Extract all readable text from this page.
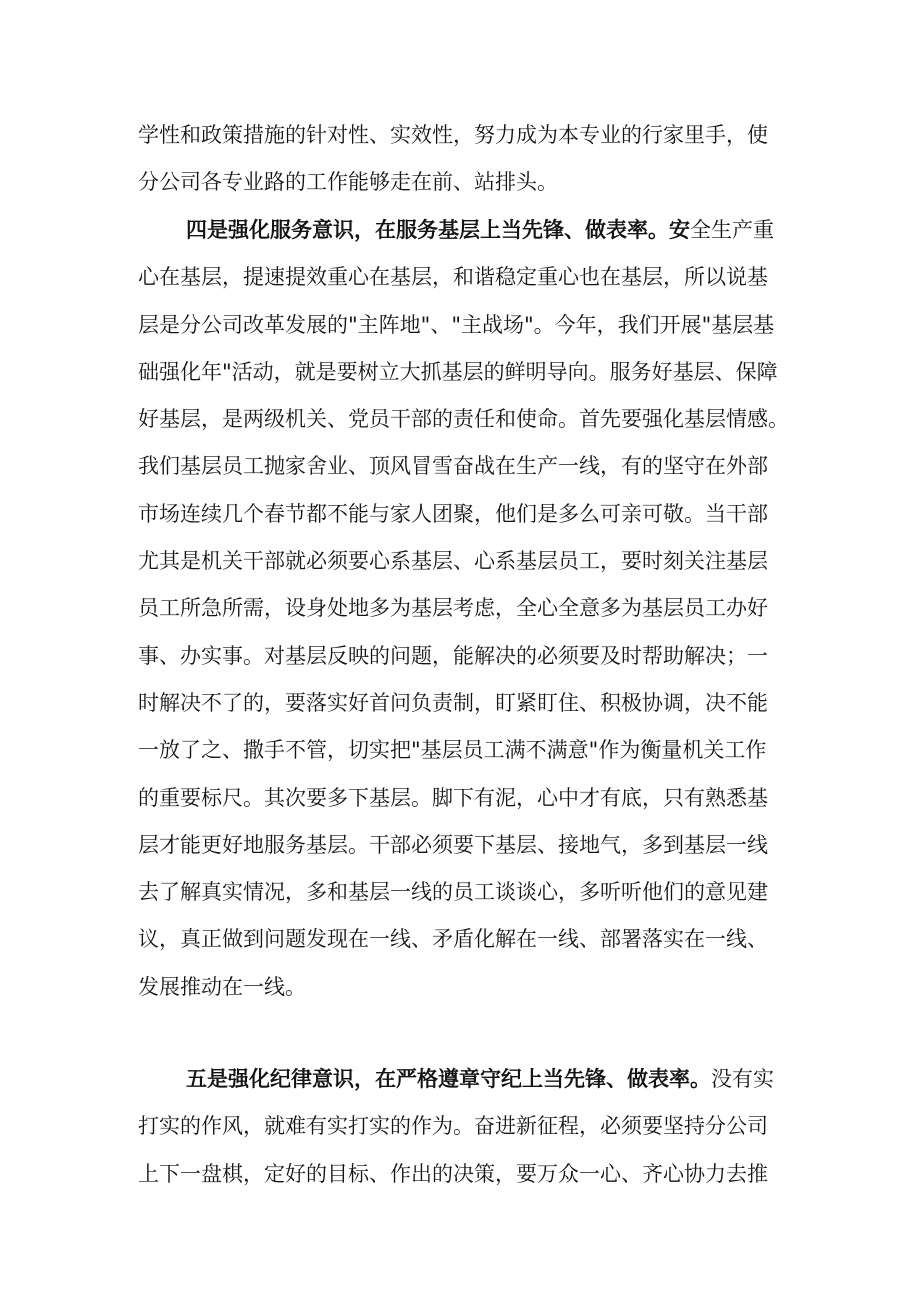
学性和政策措施的针对性、实效性，努力成为本专业的行家里手，使
分公司各专业路的工作能够走在前、站排头。
四是强化服务意识，在服务基层上当先锋、做表率。安全生产重
心在基层，提速提效重心在基层，和谐稳定重心也在基层，所以说基
层是分公司改革发展的"主阵地"、"主战场"。今年，我们开展"基层基
础强化年"活动，就是要树立大抓基层的鲜明导向。服务好基层、保障
好基层，是两级机关、党员干部的责任和使命。首先要强化基层情感。
我们基层员工抛家舍业、顶风冒雪奋战在生产一线，有的坚守在外部
市场连续几个春节都不能与家人团聚，他们是多么可亲可敬。当干部
尤其是机关干部就必须要心系基层、心系基层员工，要时刻关注基层
员工所急所需，设身处地多为基层考虑，全心全意多为基层员工办好
事、办实事。对基层反映的问题，能解决的必须要及时帮助解决；一
时解决不了的，要落实好首问负责制，盯紧盯住、积极协调，决不能
一放了之、撒手不管，切实把"基层员工满不满意"作为衡量机关工作
的重要标尺。其次要多下基层。脚下有泥，心中才有底，只有熟悉基
层才能更好地服务基层。干部必须要下基层、接地气，多到基层一线
去了解真实情况，多和基层一线的员工谈谈心，多听听他们的意见建
议，真正做到问题发现在一线、矛盾化解在一线、部署落实在一线、
发展推动在一线。
五是强化纪律意识，在严格遵章守纪上当先锋、做表率。没有实
打实的作风，就难有实打实的作为。奋进新征程，必须要坚持分公司
上下一盘棋，定好的目标、作出的决策，要万众一心、齐心协力去推
